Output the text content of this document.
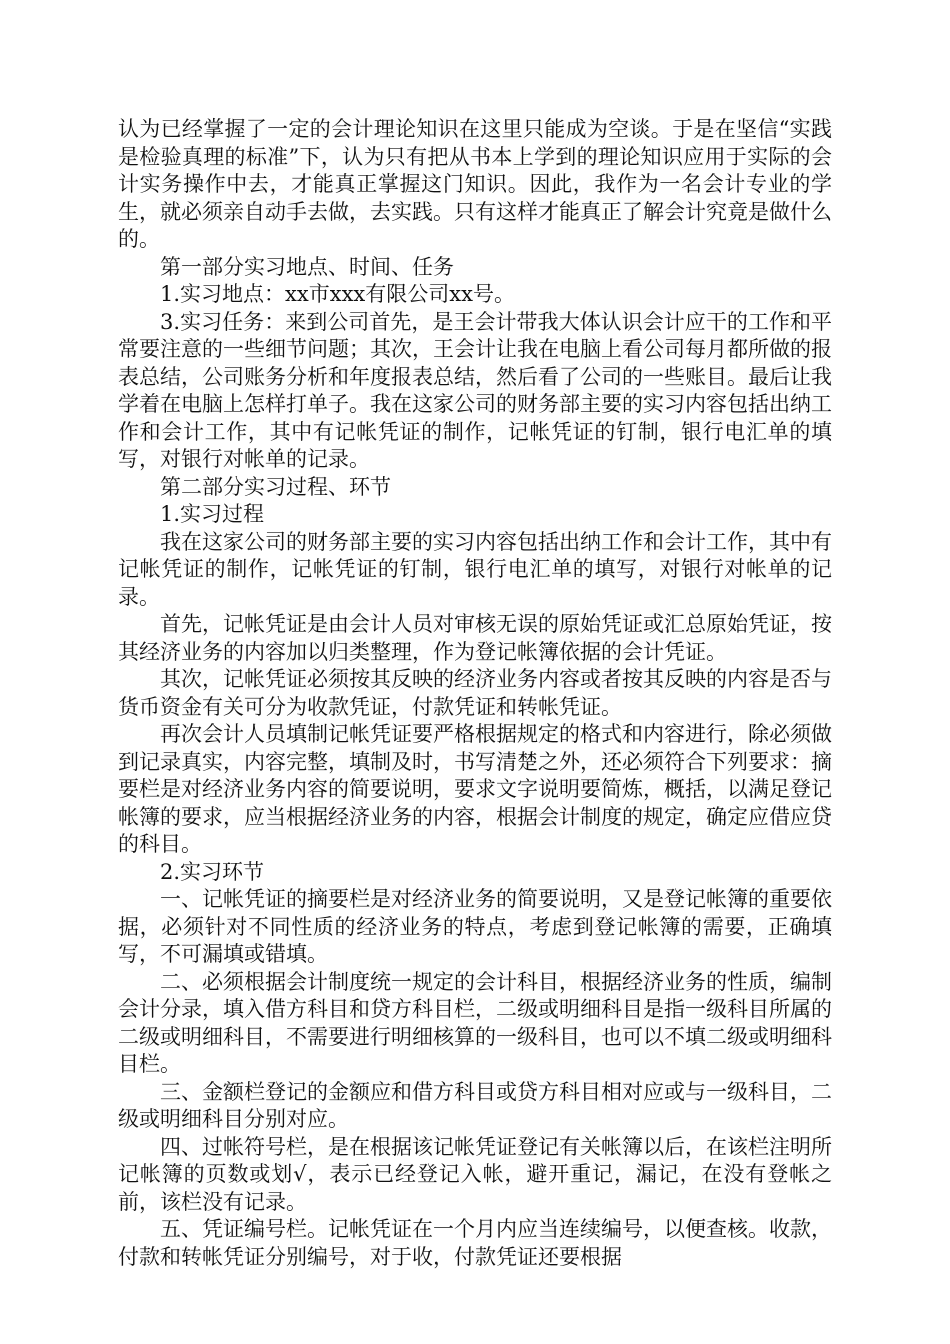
认为已经掌握了一定的会计理论知识在这里只能成为空谈。于是在坚信“实践是检验真理的标准”下，认为只有把从书本上学到的理论知识应用于实际的会计实务操作中去，才能真正掌握这门知识。因此，我作为一名会计专业的学生，就必须亲自动手去做，去实践。只有这样才能真正了解会计究竟是做什么的。

第一部分实习地点、时间、任务

1.实习地点：xx市xxx有限公司xx号。

3.实习任务：来到公司首先，是王会计带我大体认识会计应干的工作和平常要注意的一些细节问题；其次，王会计让我在电脑上看公司每月都所做的报表总结，公司账务分析和年度报表总结，然后看了公司的一些账目。最后让我学着在电脑上怎样打单子。我在这家公司的财务部主要的实习内容包括出纳工作和会计工作，其中有记帐凭证的制作，记帐凭证的钉制，银行电汇单的填写，对银行对帐单的记录。

第二部分实习过程、环节

1.实习过程

我在这家公司的财务部主要的实习内容包括出纳工作和会计工作，其中有记帐凭证的制作，记帐凭证的钉制，银行电汇单的填写，对银行对帐单的记录。

首先，记帐凭证是由会计人员对审核无误的原始凭证或汇总原始凭证，按其经济业务的内容加以归类整理，作为登记帐簿依据的会计凭证。

其次，记帐凭证必须按其反映的经济业务内容或者按其反映的内容是否与货币资金有关可分为收款凭证，付款凭证和转帐凭证。

再次会计人员填制记帐凭证要严格根据规定的格式和内容进行，除必须做到记录真实，内容完整，填制及时，书写清楚之外，还必须符合下列要求：摘要栏是对经济业务内容的简要说明，要求文字说明要简炼，概括，以满足登记帐簿的要求，应当根据经济业务的内容，根据会计制度的规定，确定应借应贷的科目。

2.实习环节

一、记帐凭证的摘要栏是对经济业务的简要说明，又是登记帐簿的重要依据，必须针对不同性质的经济业务的特点，考虑到登记帐簿的需要，正确填写，不可漏填或错填。

二、必须根据会计制度统一规定的会计科目，根据经济业务的性质，编制会计分录，填入借方科目和贷方科目栏，二级或明细科目是指一级科目所属的二级或明细科目，不需要进行明细核算的一级科目，也可以不填二级或明细科目栏。

三、金额栏登记的金额应和借方科目或贷方科目相对应或与一级科目，二级或明细科目分别对应。

四、过帐符号栏，是在根据该记帐凭证登记有关帐簿以后，在该栏注明所记帐簿的页数或划√，表示已经登记入帐，避开重记，漏记，在没有登帐之前，该栏没有记录。

五、凭证编号栏。记帐凭证在一个月内应当连续编号，以便查核。收款，付款和转帐凭证分别编号，对于收，付款凭证还要根据
